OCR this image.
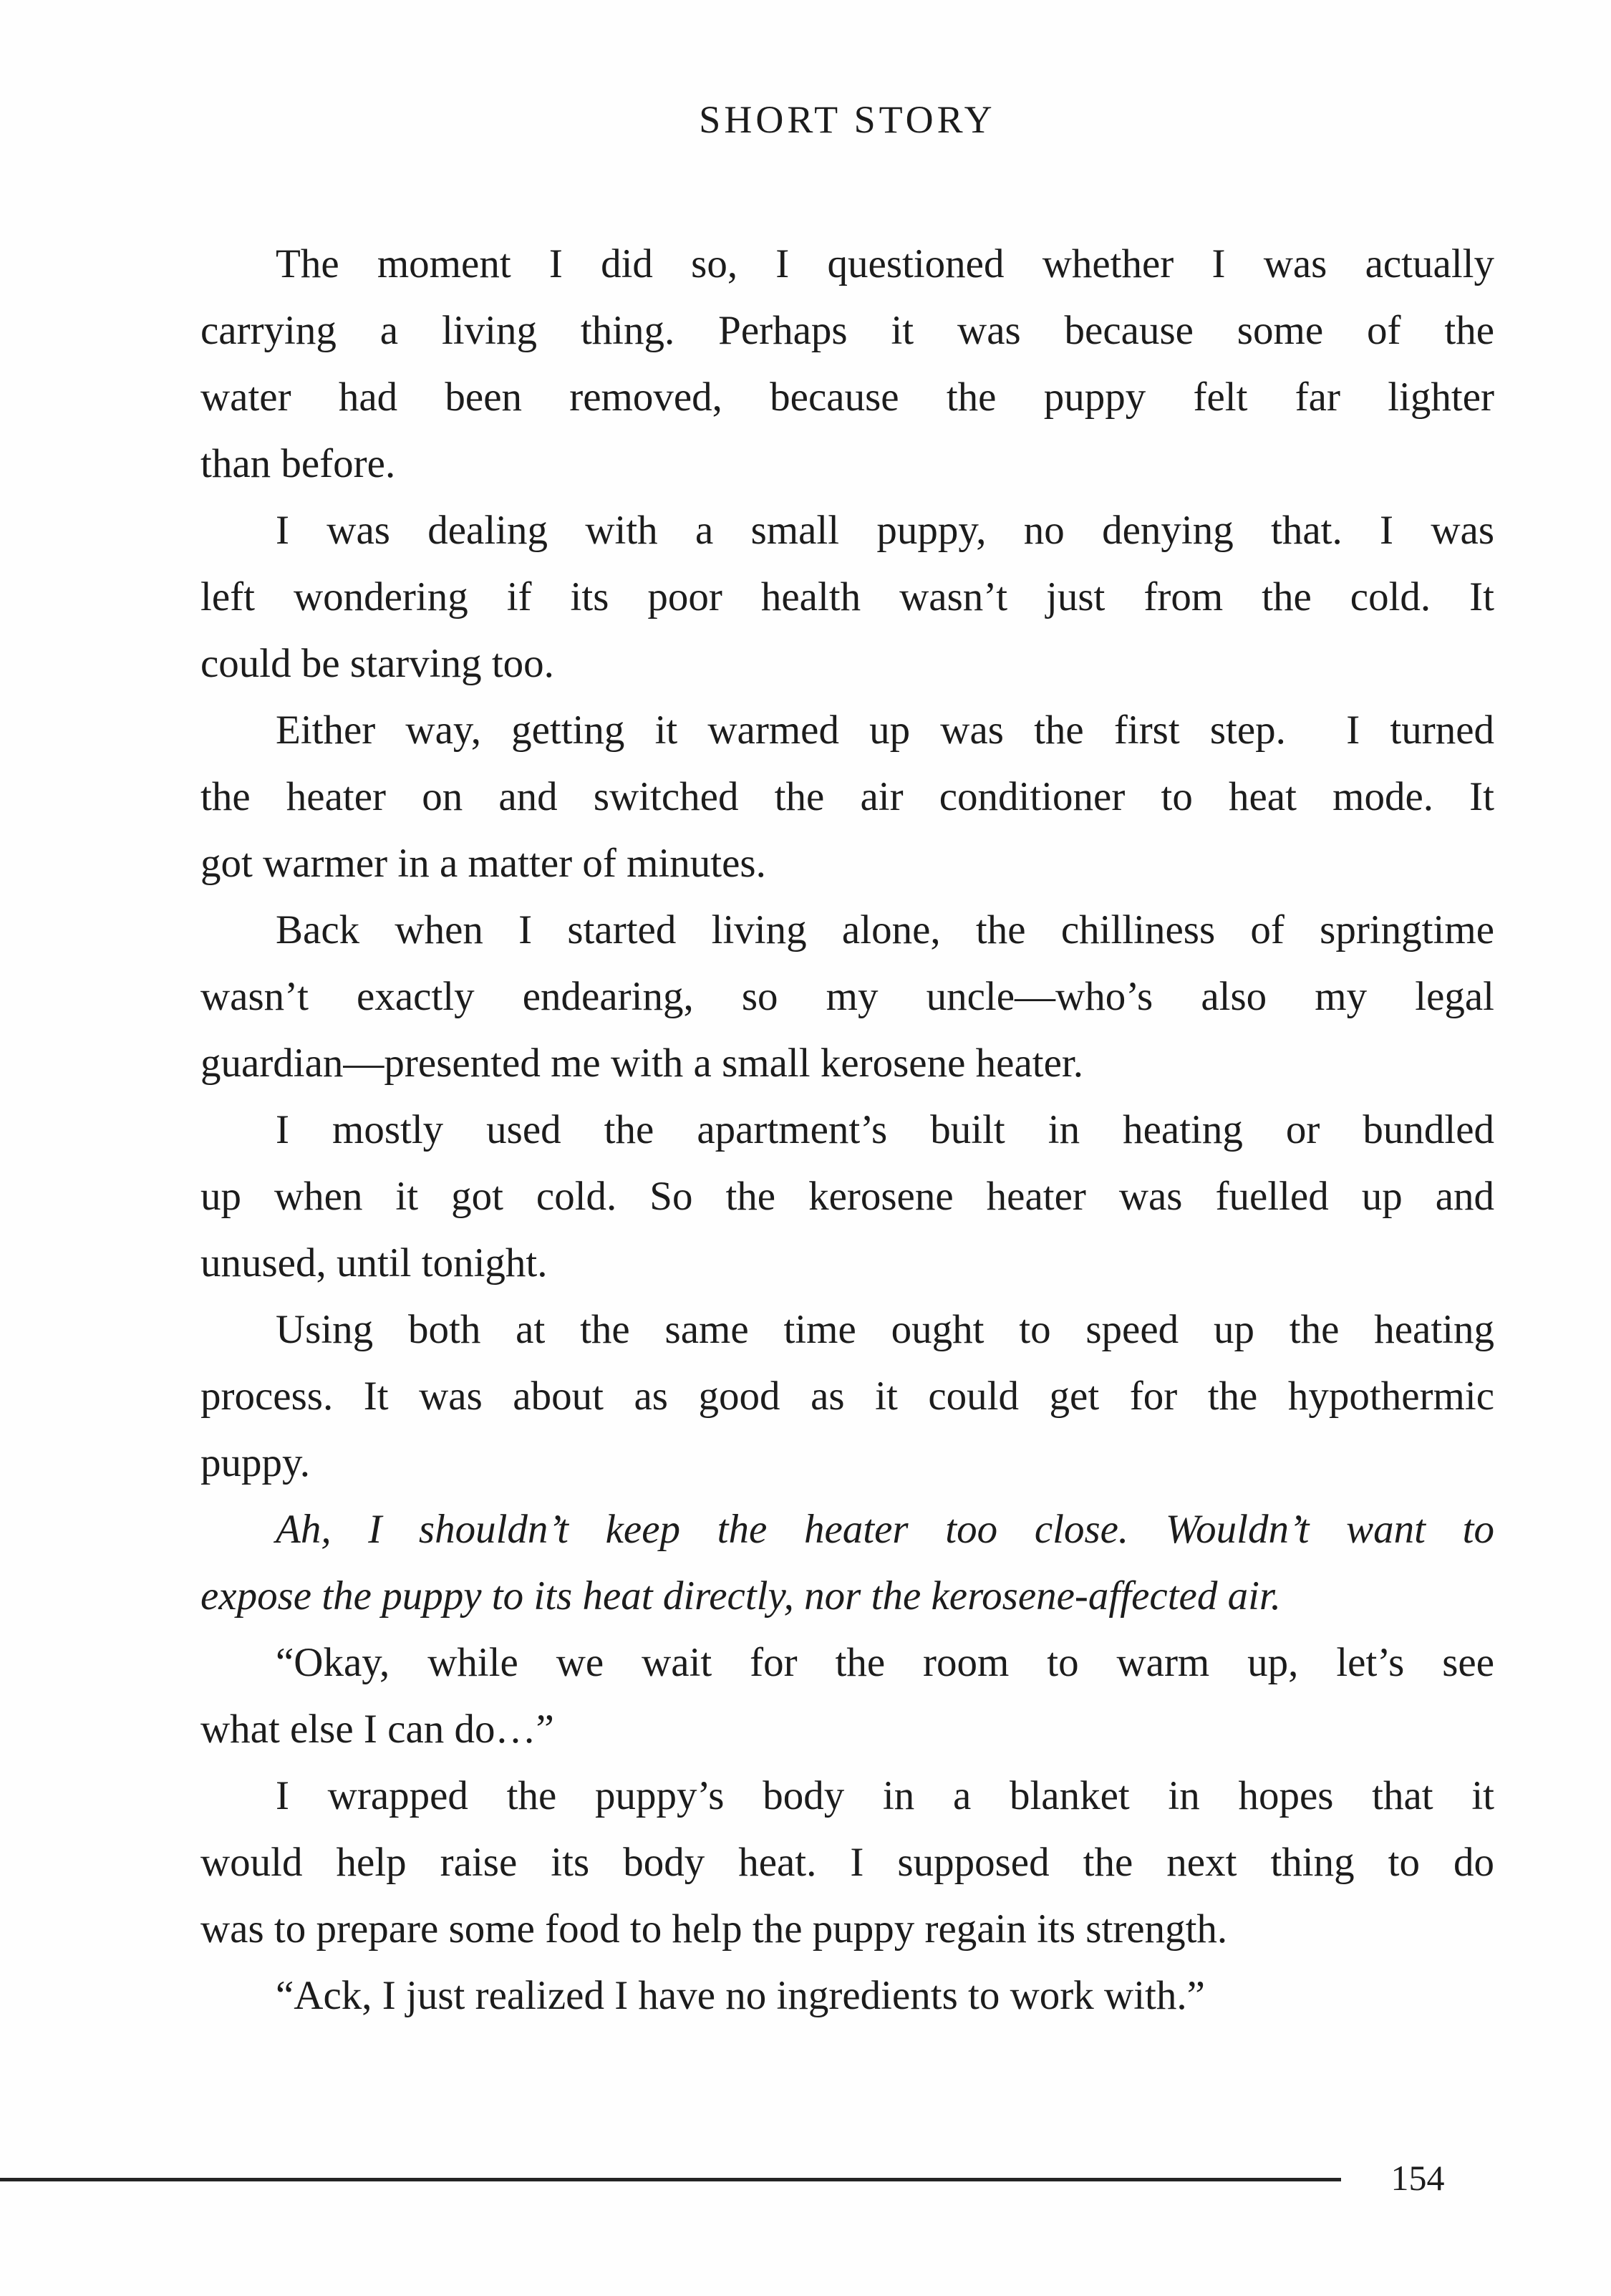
SHORT STORY
The moment I did so, I questioned whether I was actually
carrying a living thing. Perhaps it was because some of the
water had been removed, because the puppy felt far lighter
than before.
I was dealing with a small puppy, no denying that. I was
left wondering if its poor health wasn’t just from the cold. It
could be starving too.
Either way, getting it warmed up was the first step.  I turned
the heater on and switched the air conditioner to heat mode. It
got warmer in a matter of minutes.
Back when I started living alone, the chilliness of springtime
wasn’t exactly endearing, so my uncle—who’s also my legal
guardian—presented me with a small kerosene heater.
I mostly used the apartment’s built in heating or bundled
up when it got cold. So the kerosene heater was fuelled up and
unused, until tonight.
Using both at the same time ought to speed up the heating
process. It was about as good as it could get for the hypothermic
puppy.
Ah, I shouldn’t keep the heater too close. Wouldn’t want to
expose the puppy to its heat directly, nor the kerosene-affected air.
“Okay, while we wait for the room to warm up, let’s see
what else I can do…”
I wrapped the puppy’s body in a blanket in hopes that it
would help raise its body heat. I supposed the next thing to do
was to prepare some food to help the puppy regain its strength.
“Ack, I just realized I have no ingredients to work with.”
154
